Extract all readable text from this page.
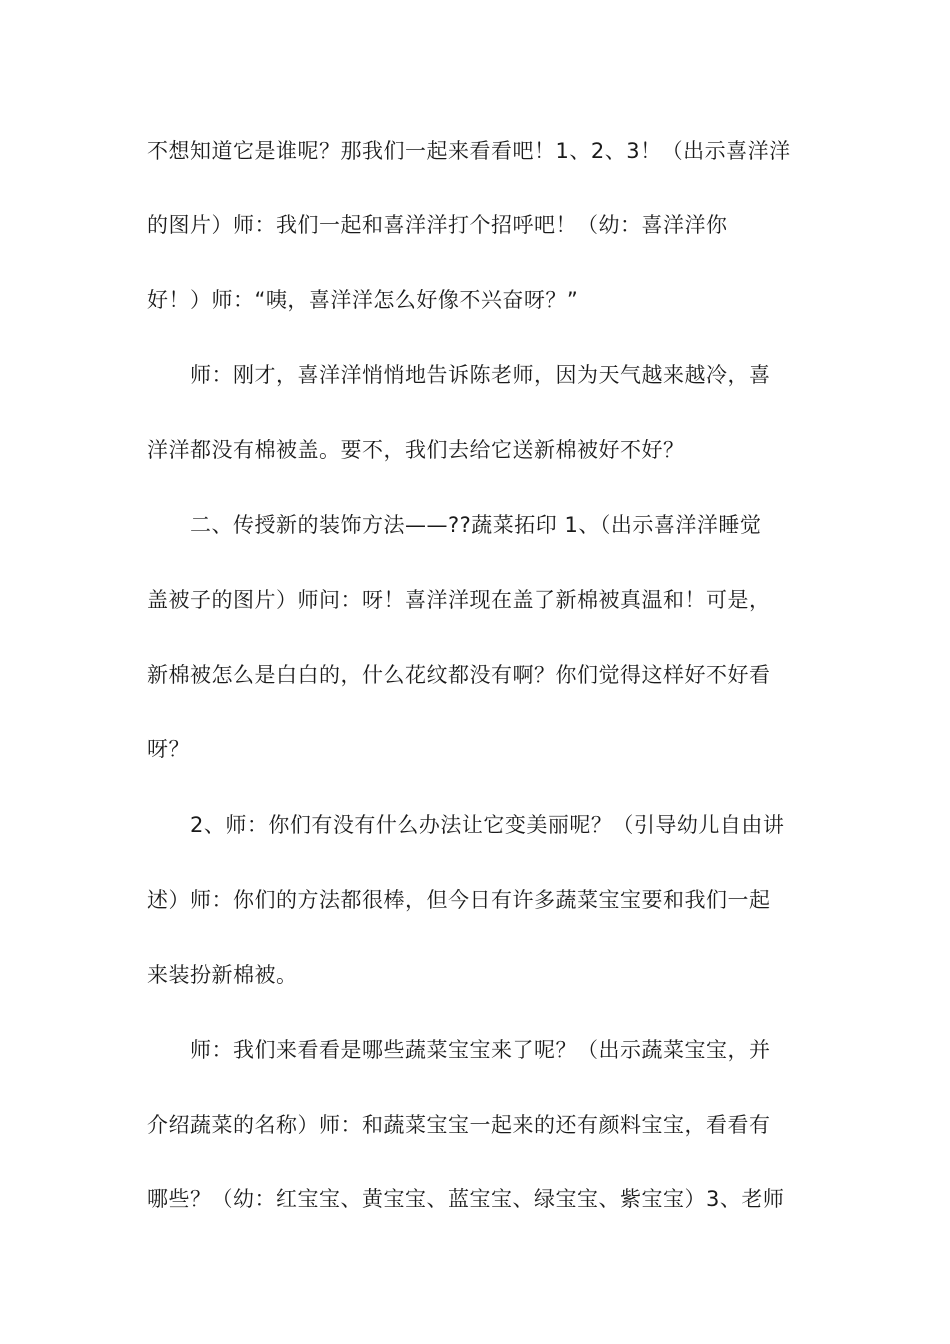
不想知道它是谁呢？那我们一起来看看吧！1、2、3！（出示喜洋洋
的图片）师：我们一起和喜洋洋打个招呼吧！（幼：喜洋洋你
好！）师：“咦，喜洋洋怎么好像不兴奋呀？”
师：刚才，喜洋洋悄悄地告诉陈老师，因为天气越来越冷，喜
洋洋都没有棉被盖。要不，我们去给它送新棉被好不好？
二、传授新的装饰方法——??蔬菜拓印 1、（出示喜洋洋睡觉
盖被子的图片）师问：呀！喜洋洋现在盖了新棉被真温和！可是，
新棉被怎么是白白的，什么花纹都没有啊？你们觉得这样好不好看
呀？
2、师：你们有没有什么办法让它变美丽呢？（引导幼儿自由讲
述）师：你们的方法都很棒，但今日有许多蔬菜宝宝要和我们一起
来装扮新棉被。
师：我们来看看是哪些蔬菜宝宝来了呢？（出示蔬菜宝宝，并
介绍蔬菜的名称）师：和蔬菜宝宝一起来的还有颜料宝宝，看看有
哪些？（幼：红宝宝、黄宝宝、蓝宝宝、绿宝宝、紫宝宝）3、老师
